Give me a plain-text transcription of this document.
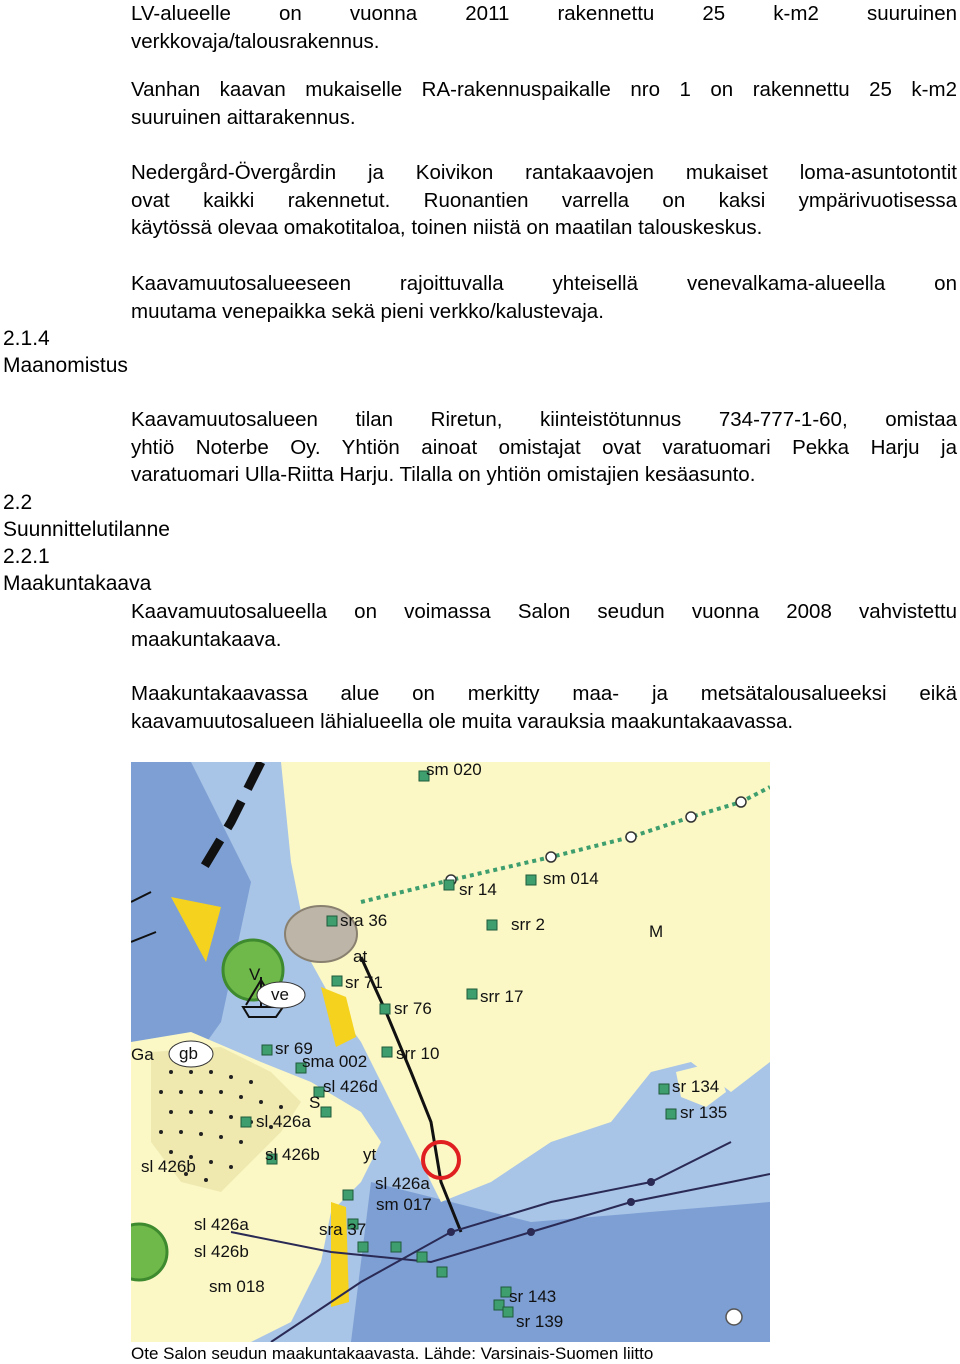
LV-alueelle on vuonna 2011 rakennettu 25 k-m2 suuruinen
verkkovaja/talousrakennus.
Vanhan kaavan mukaiselle RA-rakennuspaikalle nro 1 on rakennettu 25 k-m2
suuruinen aittarakennus.
Nedergård-Övergårdin ja Koivikon rantakaavojen mukaiset loma-asuntotontit
ovat kaikki rakennetut. Ruonantien varrella on kaksi ympärivuotisessa
käytössä olevaa omakotitaloa, toinen niistä on maatilan talouskeskus.
Kaavamuutosalueeseen rajoittuvalla yhteisellä venevalkama-alueella on
muutama venepaikka sekä pieni verkko/kalustevaja.
2.1.4
Maanomistus
Kaavamuutosalueen tilan Riretun, kiinteistötunnus 734-777-1-60, omistaa
yhtiö Noterbe Oy. Yhtiön ainoat omistajat ovat varatuomari Pekka Harju ja
varatuomari Ulla-Riitta Harju. Tilalla on yhtiön omistajien kesäasunto.
2.2
Suunnittelutilanne
2.2.1
Maakuntakaava
Kaavamuutosalueella on voimassa Salon seudun vuonna 2008 vahvistettu
maakuntakaava.
Maakuntakaavassa alue on merkitty maa- ja metsätalousalueeksi eikä
kaavamuutosalueen lähialueella ole muita varauksia maakuntakaavassa.
sm 020
sr 14
sm 014
sra 36	srr 2	M
at
sr 71
sr 76
srr 17
sr 69	srr 10
sma 002
sl 426d	sr 134
sr 135
sl 426a
sl 426b
sl 426b
S
yt
sl 426a
sm 017
sl 426a	sra 37
sl 426b
sm 018
sr 143
sr 139
Ga gb
V
ve
Ote Salon seudun maakuntakaavasta. Lähde: Varsinais-Suomen liitto
